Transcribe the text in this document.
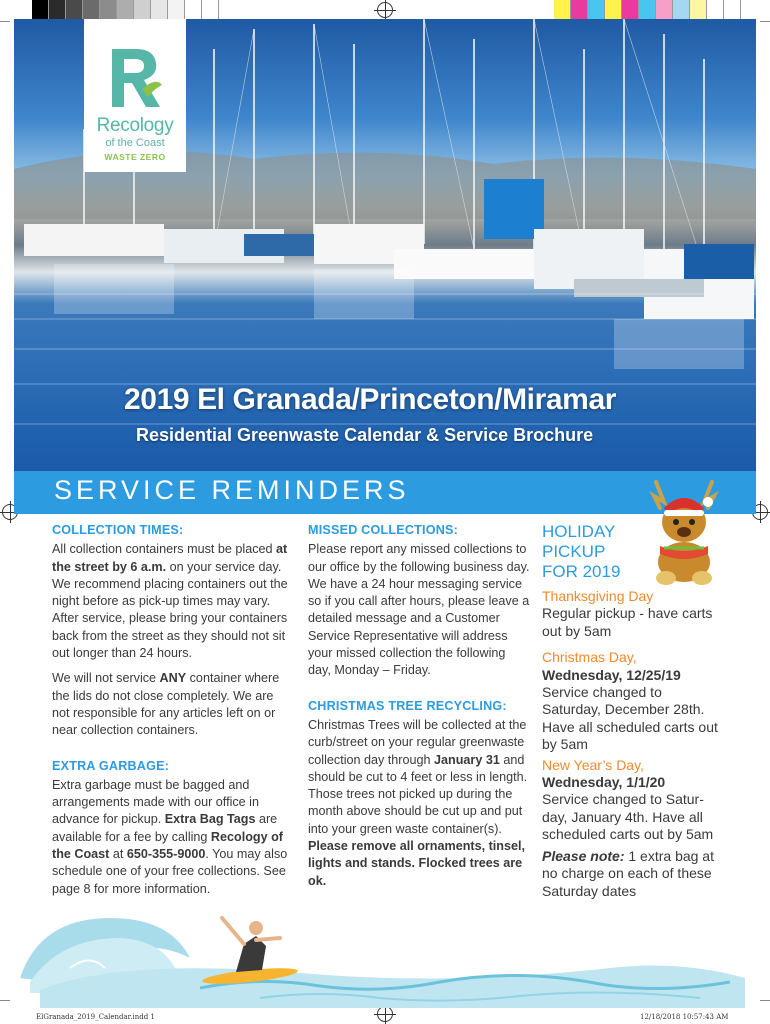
Recology
of the Coast
WASTE ZERO
2019 El Granada/Princeton/Miramar
Residential Greenwaste Calendar & Service Brochure
SERVICE REMINDERS
COLLECTION TIMES:
All collection containers must be placed at the street by 6 a.m. on your service day. We recommend placing containers out the night before as pick-up times may vary. After service, please bring your containers back from the street as they should not sit out longer than 24 hours.
We will not service ANY container where the lids do not close completely. We are not responsible for any articles left on or near collection containers.
EXTRA GARBAGE:
Extra garbage must be bagged and arrangements made with our office in advance for pickup. Extra Bag Tags are available for a fee by calling Recology of the Coast at 650-355-9000. You may also schedule one of your free collections. See page 8 for more information.
MISSED COLLECTIONS:
Please report any missed collections to our office by the following business day. We have a 24 hour messaging service so if you call after hours, please leave a detailed message and a Customer Service Representative will address your missed collection the following day, Monday – Friday.
CHRISTMAS TREE RECYCLING:
Christmas Trees will be collected at the curb/street on your regular greenwaste collection day through January 31 and should be cut to 4 feet or less in length. Those trees not picked up during the month above should be cut up and put into your green waste container(s). Please remove all ornaments, tinsel, lights and stands. Flocked trees are ok.
HOLIDAY
PICKUP
FOR 2019
Thanksgiving Day
Regular pickup - have carts out by 5am
Christmas Day,
Wednesday, 12/25/19
Service changed to Saturday, December 28th. Have all scheduled carts out by 5am
New Year’s Day,
Wednesday, 1/1/20
Service changed to Satur- day, January 4th. Have all scheduled carts out by 5am
Please note: 1 extra bag at no charge on each of these Saturday dates
ElGranada_2019_Calendar.indd 1	12/18/2018 10:57:43 AM
